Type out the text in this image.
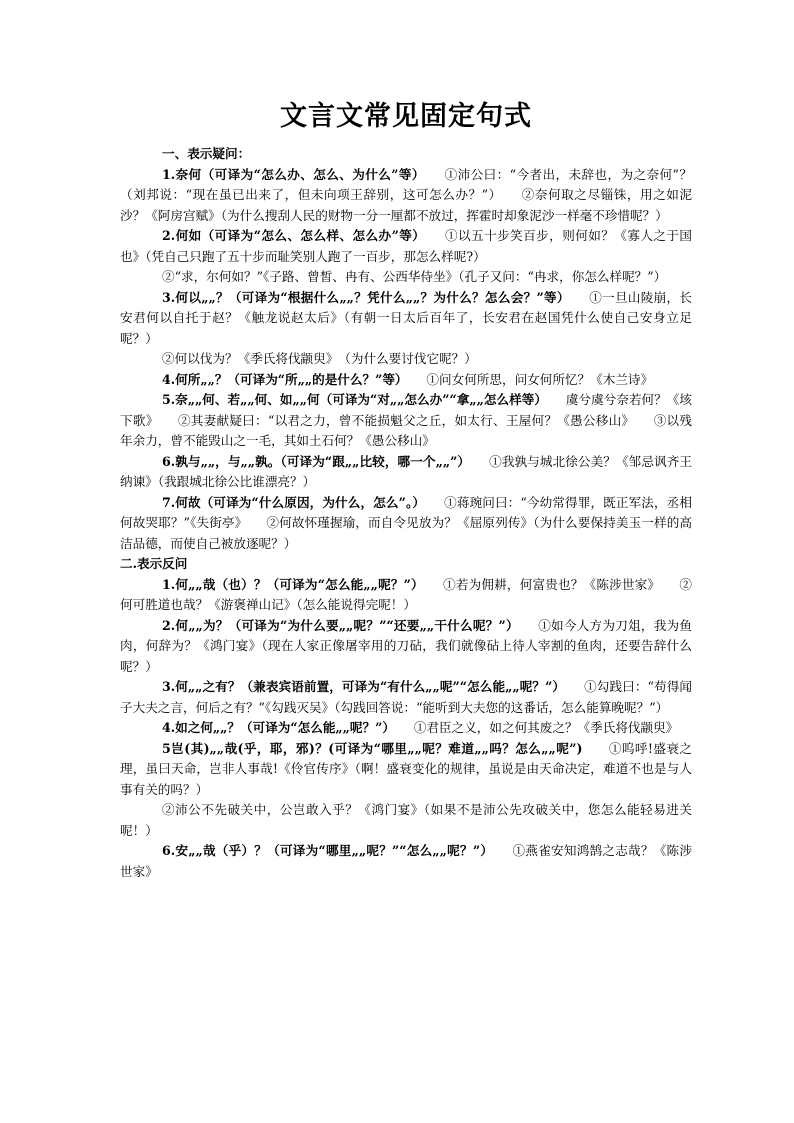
文言文常见固定句式
一、表示疑问：
1.奈何（可译为“怎么办、怎么、为什么”等）　　①沛公曰：“今者出，未辞也，为之奈何”？（刘邦说：“现在虽已出来了，但未向项王辞别，这可怎么办？”）　　②奈何取之尽锱铢，用之如泥沙？《阿房宫赋》（为什么搜刮人民的财物一分一厘都不放过，挥霍时却象泥沙一样毫不珍惜呢？）
2.何如（可译为“怎么、怎么样、怎么办”等）　　①以五十步笑百步，则何如？《寡人之于国也》（凭自己只跑了五十步而耻笑别人跑了一百步，那怎么样呢?）
②“求，尔何如？”《子路、曾皙、冉有、公西华侍坐》（孔子又问：“冉求，你怎么样呢？”）
3.何以„„？（可译为“根据什么„„？凭什么„„？为什么？怎么会？”等）　　①一旦山陵崩，长安君何以自托于赵？《触龙说赵太后》（有朝一日太后百年了，长安君在赵国凭什么使自己安身立足呢？）
②何以伐为？《季氏将伐颛臾》　（为什么要讨伐它呢？）
4.何所„„？（可译为“所„„的是什么？”等）　　①问女何所思，问女何所忆？《木兰诗》
5.奈„„何、若„„何、如„„何（可译为“对„„怎么办”“拿„„怎么样等）　　虞兮虞兮奈若何？《垓下歌》　　②其妻献疑曰：“以君之力，曾不能损魁父之丘，如太行、王屋何？《愚公移山》　　③以残年余力，曾不能毁山之一毛，其如土石何？《愚公移山》
6.孰与„„，与„„孰。（可译为“跟„„比较，哪一个„„”）　　①我孰与城北徐公美？《邹忌讽齐王纳谏》（我跟城北徐公比谁漂亮？）
7.何故（可译为“什么原因，为什么，怎么”。）　　①蒋琬问曰：“今幼常得罪，既正军法，丞相何故哭耶？”《失街亭》　　②何故怀瑾握瑜，而自令见放为？《屈原列传》（为什么要保持美玉一样的高洁品德，而使自己被放逐呢？）
二.表示反问
1.何„„哉（也）？（可译为“怎么能„„呢？”）　　①若为佣耕，何富贵也？《陈涉世家》　　②何可胜道也哉？《游褒禅山记》（怎么能说得完呢！）
2.何„„为？（可译为“为什么要„„呢？”“还要„„干什么呢？”）　　①如今人方为刀俎，我为鱼肉，何辞为？《鸿门宴》（现在人家正像屠宰用的刀砧，我们就像砧上待人宰割的鱼肉，还要告辞什么呢？）
3.何„„之有？（兼表宾语前置，可译为“有什么„„呢”“怎么能„„呢？”）　　①勾践曰：“苟得闻子大夫之言，何后之有？”《勾践灭吴》（勾践回答说：“能听到大夫您的这番话，怎么能算晚呢？”）
4.如之何„„？（可译为“怎么能„„呢？”）　　①君臣之义，如之何其废之？《季氏将伐颛臾》
5岂(其)„„哉(乎，耶，邪)？(可译为“哪里„„呢？难道„„吗？怎么„„呢”)　　①呜呼!盛衰之理，虽曰天命，岂非人事哉!《伶官传序》（啊！盛衰变化的规律，虽说是由天命决定，难道不也是与人事有关的吗？）
②沛公不先破关中，公岂敢入乎？《鸿门宴》（如果不是沛公先攻破关中，您怎么能轻易进关呢！）
6.安„„哉（乎）？（可译为“哪里„„呢？”“怎么„„呢？”）　　①燕雀安知鸿鹄之志哉？《陈涉世家》
